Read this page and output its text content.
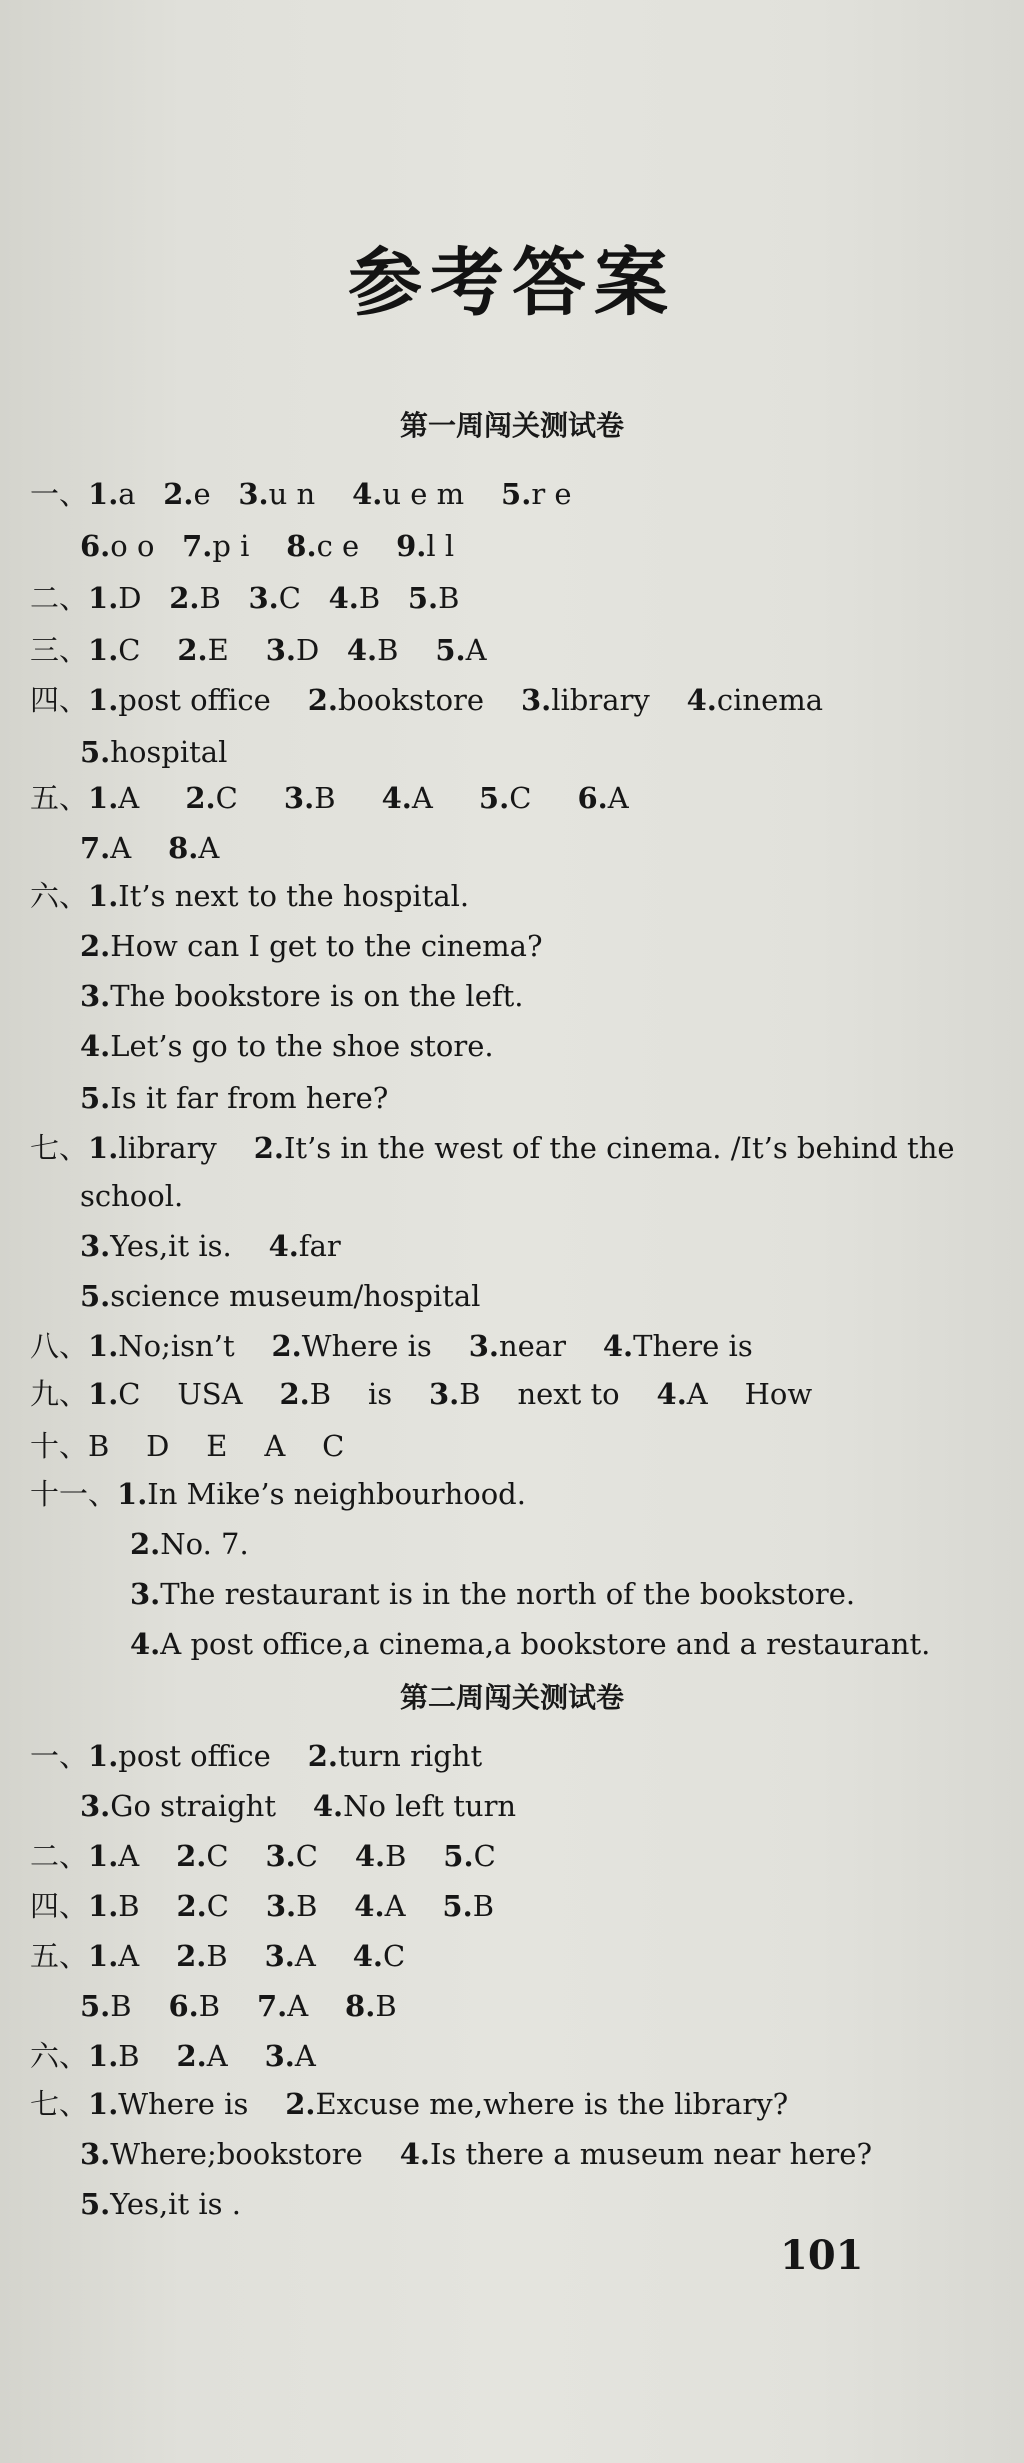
参考答案
第一周闯关测试卷
一、1.a   2.e   3.u n    4.u e m    5.r e
6.o o   7.p i    8.c e    9.l l
二、1.D   2.B   3.C   4.B   5.B
三、1.C    2.E    3.D   4.B    5.A
四、1.post office    2.bookstore    3.library    4.cinema
5.hospital
五、1.A     2.C     3.B     4.A     5.C     6.A
7.A    8.A
六、1.It’s next to the hospital.
2.How can I get to the cinema?
3.The bookstore is on the left.
4.Let’s go to the shoe store.
5.Is it far from here?
七、1.library    2.It’s in the west of the cinema. /It’s behind the
school.
3.Yes,it is.    4.far
5.science museum/hospital
八、1.No;isn’t    2.Where is    3.near    4.There is
九、1.C    USA    2.B    is    3.B    next to    4.A    How
十、B    D    E    A    C
十一、1.In Mike’s neighbourhood.
2.No. 7.
3.The restaurant is in the north of the bookstore.
4.A post office,a cinema,a bookstore and a restaurant.
第二周闯关测试卷
一、1.post office    2.turn right
3.Go straight    4.No left turn
二、1.A    2.C    3.C    4.B    5.C
四、1.B    2.C    3.B    4.A    5.B
五、1.A    2.B    3.A    4.C
5.B    6.B    7.A    8.B
六、1.B    2.A    3.A
七、1.Where is    2.Excuse me,where is the library?
3.Where;bookstore    4.Is there a museum near here?
5.Yes,it is .
101
